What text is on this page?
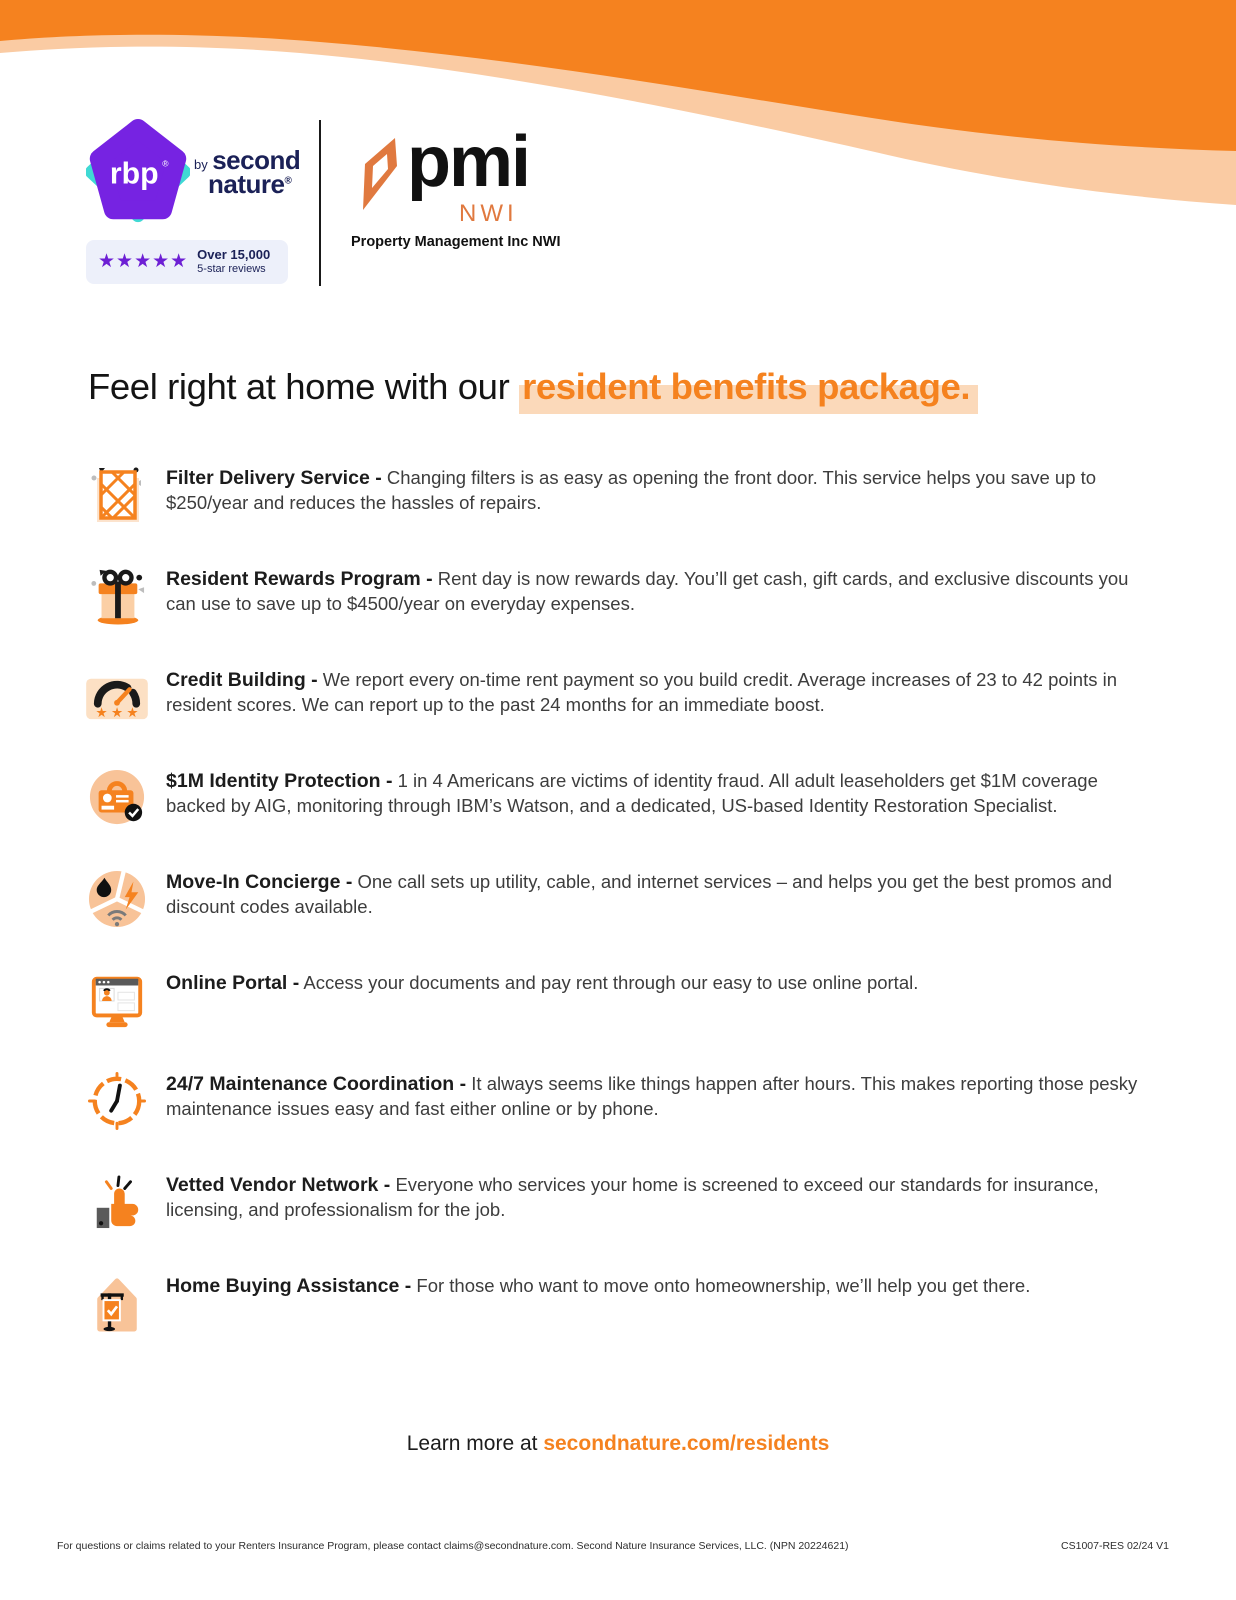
rbp ® by second
nature®
★★★★★ Over 15,000
5-star reviews
pmi
NWI
Property Management Inc NWI
Feel right at home with our resident benefits package.

Filter Delivery Service - Changing filters is as easy as opening the front door. This service helps you save up to $250/year and reduces the hassles of repairs.

Resident Rewards Program - Rent day is now rewards day. You’ll get cash, gift cards, and exclusive discounts you can use to save up to $4500/year on everyday expenses.

★ ★ ★

Credit Building - We report every on-time rent payment so you build credit. Average increases of 23 to 42 points in resident scores. We can report up to the past 24 months for an immediate boost.

$1M Identity Protection - 1 in 4 Americans are victims of identity fraud. All adult leaseholders get $1M coverage backed by AIG, monitoring through IBM’s Watson, and a dedicated, US-based Identity Restoration Specialist.

Move-In Concierge - One call sets up utility, cable, and internet services – and helps you get the best promos and discount codes available.

Online Portal - Access your documents and pay rent through our easy to use online portal.

24/7 Maintenance Coordination - It always seems like things happen after hours. This makes reporting those pesky maintenance issues easy and fast either online or by phone.

Vetted Vendor Network - Everyone who services your home is screened to exceed our standards for insurance, licensing, and professionalism for the job.

Home Buying Assistance - For those who want to move onto homeownership, we’ll help you get there.

Learn more at secondnature.com/residents
For questions or claims related to your Renters Insurance Program, please contact claims@secondnature.com. Second Nature Insurance Services, LLC. (NPN 20224621)	CS1007-RES 02/24 V1
